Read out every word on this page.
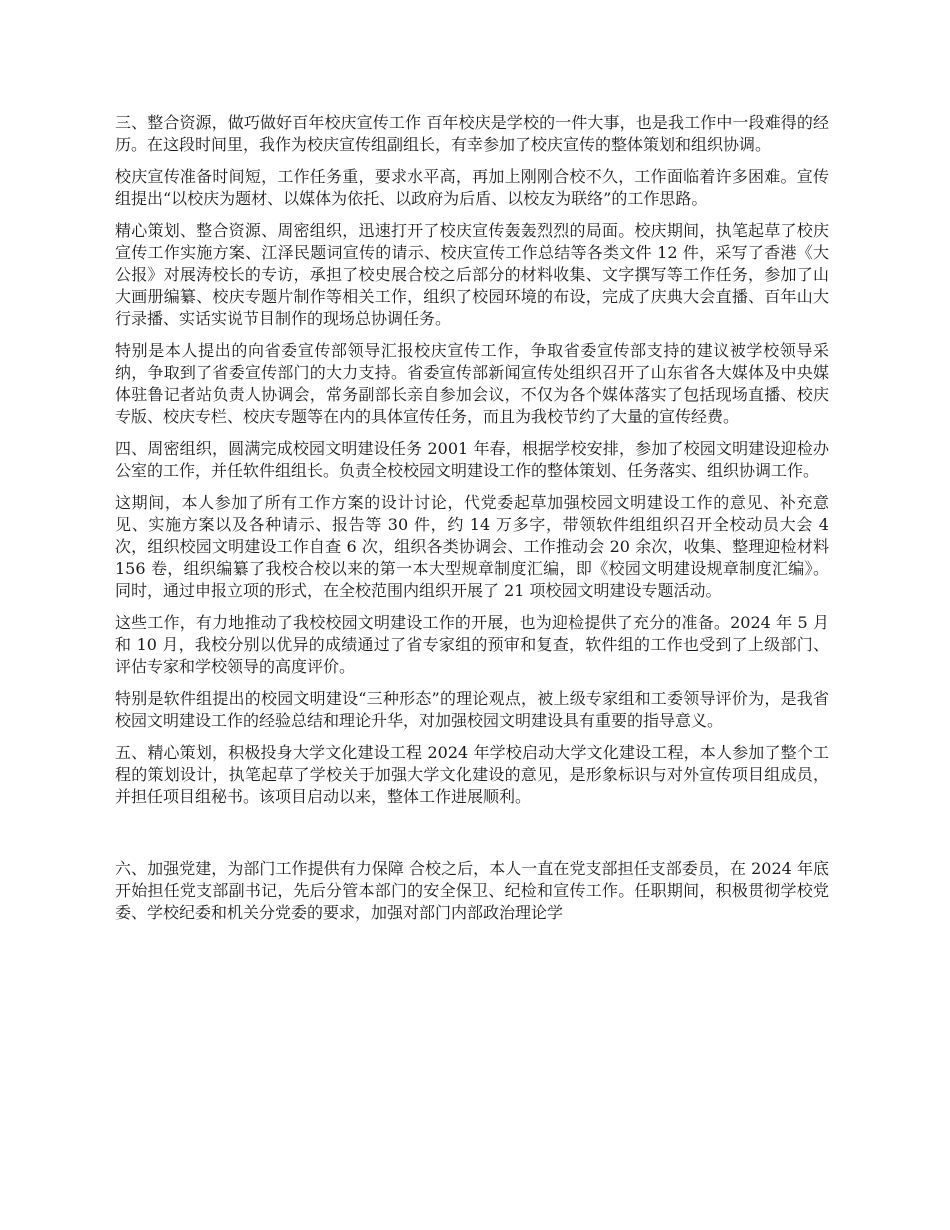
三、整合资源，做巧做好百年校庆宣传工作 百年校庆是学校的一件大事，也是我工作中一段难得的经历。在这段时间里，我作为校庆宣传组副组长，有幸参加了校庆宣传的整体策划和组织协调。

校庆宣传准备时间短，工作任务重，要求水平高，再加上刚刚合校不久，工作面临着许多困难。宣传组提出“以校庆为题材、以媒体为依托、以政府为后盾、以校友为联络”的工作思路。

精心策划、整合资源、周密组织，迅速打开了校庆宣传轰轰烈烈的局面。校庆期间，执笔起草了校庆宣传工作实施方案、江泽民题词宣传的请示、校庆宣传工作总结等各类文件 12 件，采写了香港《大公报》对展涛校长的专访，承担了校史展合校之后部分的材料收集、文字撰写等工作任务，参加了山大画册编纂、校庆专题片制作等相关工作，组织了校园环境的布设，完成了庆典大会直播、百年山大行录播、实话实说节目制作的现场总协调任务。

特别是本人提出的向省委宣传部领导汇报校庆宣传工作，争取省委宣传部支持的建议被学校领导采纳，争取到了省委宣传部门的大力支持。省委宣传部新闻宣传处组织召开了山东省各大媒体及中央媒体驻鲁记者站负责人协调会，常务副部长亲自参加会议，不仅为各个媒体落实了包括现场直播、校庆专版、校庆专栏、校庆专题等在内的具体宣传任务，而且为我校节约了大量的宣传经费。

四、周密组织，圆满完成校园文明建设任务 2001 年春，根据学校安排，参加了校园文明建设迎检办公室的工作，并任软件组组长。负责全校校园文明建设工作的整体策划、任务落实、组织协调工作。

这期间，本人参加了所有工作方案的设计讨论，代党委起草加强校园文明建设工作的意见、补充意见、实施方案以及各种请示、报告等 30 件，约 14 万多字，带领软件组组织召开全校动员大会 4 次，组织校园文明建设工作自查 6 次，组织各类协调会、工作推动会 20 余次，收集、整理迎检材料 156 卷，组织编纂了我校合校以来的第一本大型规章制度汇编，即《校园文明建设规章制度汇编》。同时，通过申报立项的形式，在全校范围内组织开展了 21 项校园文明建设专题活动。

这些工作，有力地推动了我校校园文明建设工作的开展，也为迎检提供了充分的准备。2024 年 5 月和 10 月，我校分别以优异的成绩通过了省专家组的预审和复查，软件组的工作也受到了上级部门、评估专家和学校领导的高度评价。

特别是软件组提出的校园文明建设“三种形态”的理论观点，被上级专家组和工委领导评价为，是我省校园文明建设工作的经验总结和理论升华，对加强校园文明建设具有重要的指导意义。

五、精心策划，积极投身大学文化建设工程 2024 年学校启动大学文化建设工程，本人参加了整个工程的策划设计，执笔起草了学校关于加强大学文化建设的意见，是形象标识与对外宣传项目组成员，并担任项目组秘书。该项目启动以来，整体工作进展顺利。

六、加强党建，为部门工作提供有力保障 合校之后，本人一直在党支部担任支部委员，在 2024 年底开始担任党支部副书记，先后分管本部门的安全保卫、纪检和宣传工作。任职期间，积极贯彻学校党委、学校纪委和机关分党委的要求，加强对部门内部政治理论学
